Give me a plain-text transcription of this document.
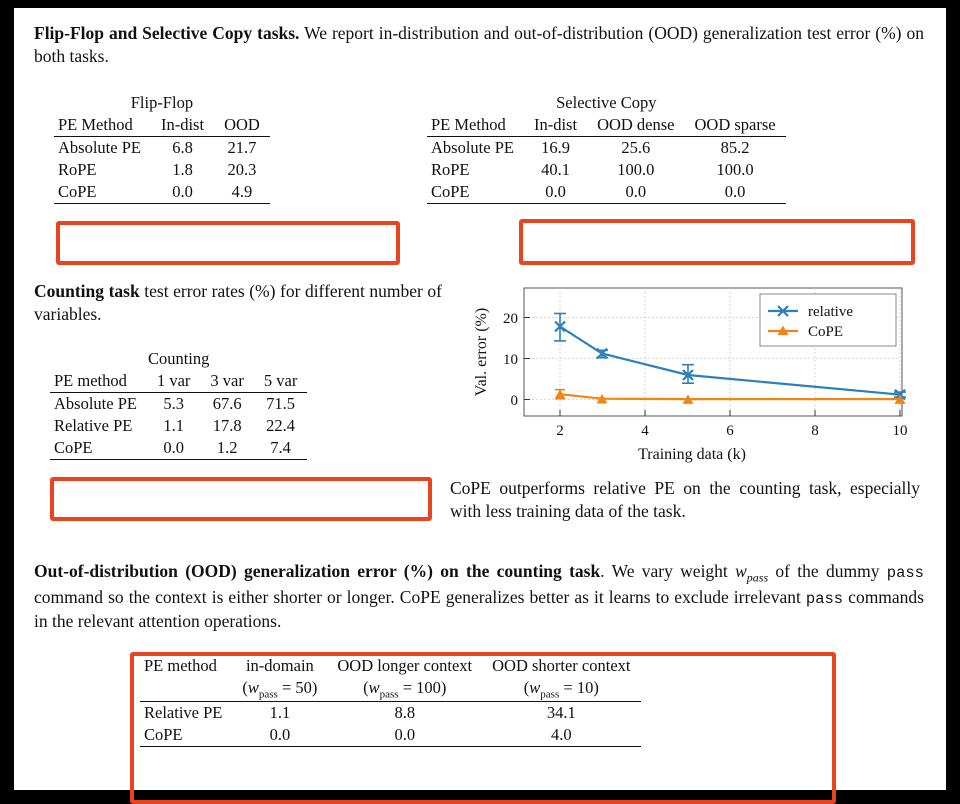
Flip-Flop and Selective Copy tasks. We report in-distribution and out-of-distribution (OOD) generalization test error (%) on both tasks.
Flip-Flop		
PE Method	In-dist	OOD
Absolute PE	6.8	21.7
RoPE	1.8	20.3
CoPE	0.0	4.9
Selective Copy			
PE Method	In-dist	OOD dense	OOD sparse
Absolute PE	16.9	25.6	85.2
RoPE	40.1	100.0	100.0
CoPE	0.0	0.0	0.0
Counting task test error rates (%) for different number of variables.
Counting			
PE method	1 var	3 var	5 var
Absolute PE	5.3	67.6	71.5
Relative PE	1.1	17.8	22.4
CoPE	0.0	1.2	7.4
0
10
20
2	4	6	8	10
Training data (k)
Val. error (%)	relative
CoPE
CoPE outperforms relative PE on the counting task, especially with less training data of the task.
Out-of-distribution (OOD) generalization error (%) on the counting task. We vary weight $w_{pass}$ of the dummy pass command so the context is either shorter or longer. CoPE generalizes better as it learns to exclude irrelevant pass commands in the relevant attention operations.
PE method	in-domain	OOD longer context	OOD shorter context
	$(w_{pass} = 50)$	$(w_{pass} = 100)$	$(w_{pass} = 10)$
Relative PE	1.1	8.8	34.1
CoPE	0.0	0.0	4.0
